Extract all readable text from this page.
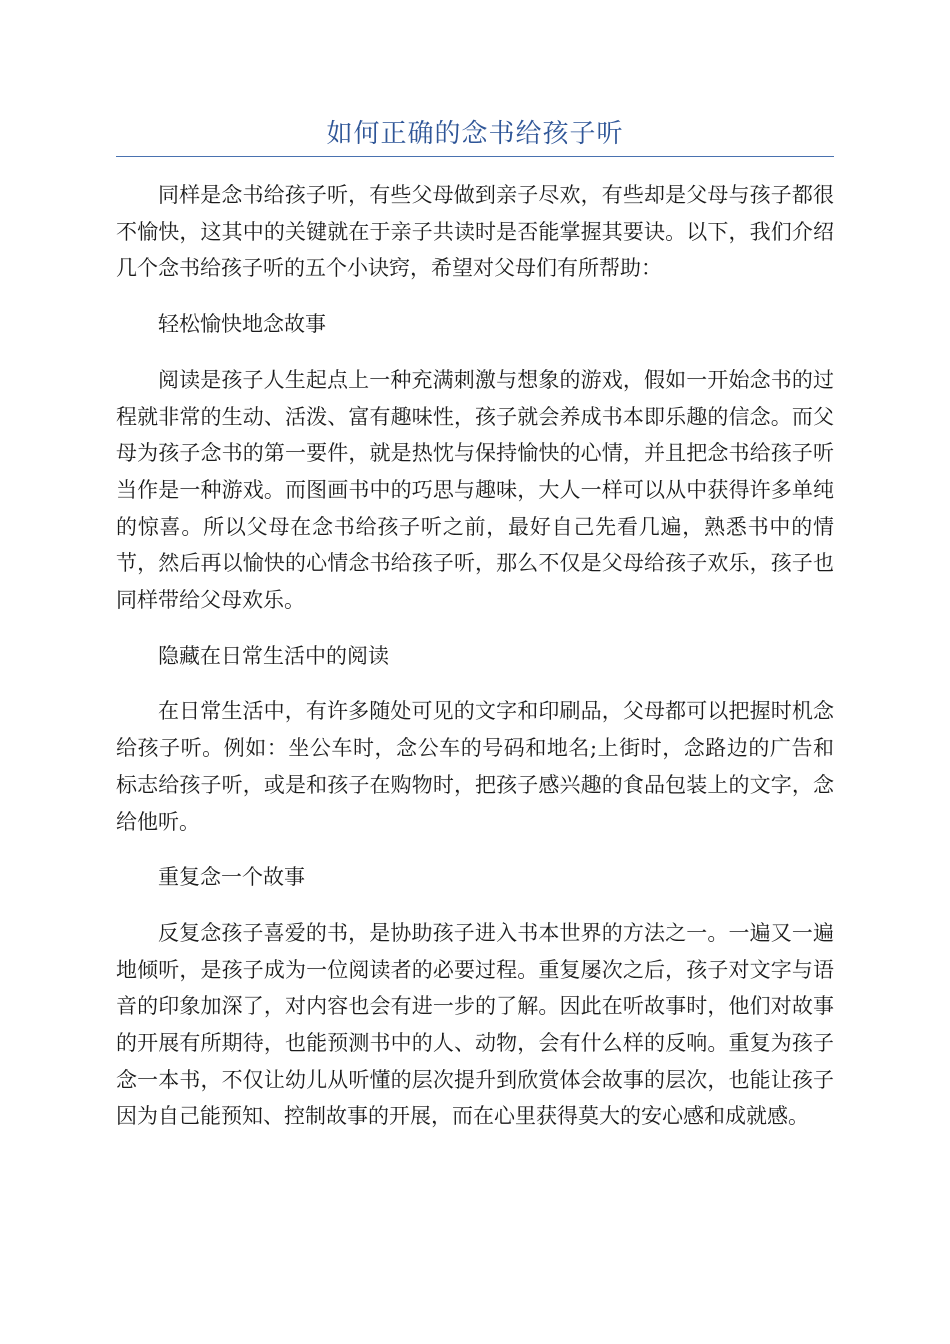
如何正确的念书给孩子听

同样是念书给孩子听，有些父母做到亲子尽欢，有些却是父母与孩子都很不愉快，这其中的关键就在于亲子共读时是否能掌握其要诀。以下，我们介绍几个念书给孩子听的五个小诀窍，希望对父母们有所帮助：

轻松愉快地念故事

阅读是孩子人生起点上一种充满刺激与想象的游戏，假如一开始念书的过程就非常的生动、活泼、富有趣味性，孩子就会养成书本即乐趣的信念。而父母为孩子念书的第一要件，就是热忱与保持愉快的心情，并且把念书给孩子听当作是一种游戏。而图画书中的巧思与趣味，大人一样可以从中获得许多单纯的惊喜。所以父母在念书给孩子听之前，最好自己先看几遍，熟悉书中的情节，然后再以愉快的心情念书给孩子听，那么不仅是父母给孩子欢乐，孩子也同样带给父母欢乐。

隐藏在日常生活中的阅读

在日常生活中，有许多随处可见的文字和印刷品，父母都可以把握时机念给孩子听。例如：坐公车时，念公车的号码和地名;上街时，念路边的广告和标志给孩子听，或是和孩子在购物时，把孩子感兴趣的食品包装上的文字，念给他听。

重复念一个故事

反复念孩子喜爱的书，是协助孩子进入书本世界的方法之一。一遍又一遍地倾听，是孩子成为一位阅读者的必要过程。重复屡次之后，孩子对文字与语音的印象加深了，对内容也会有进一步的了解。因此在听故事时，他们对故事的开展有所期待，也能预测书中的人、动物，会有什么样的反响。重复为孩子念一本书，不仅让幼儿从听懂的层次提升到欣赏体会故事的层次，也能让孩子因为自己能预知、控制故事的开展，而在心里获得莫大的安心感和成就感。
